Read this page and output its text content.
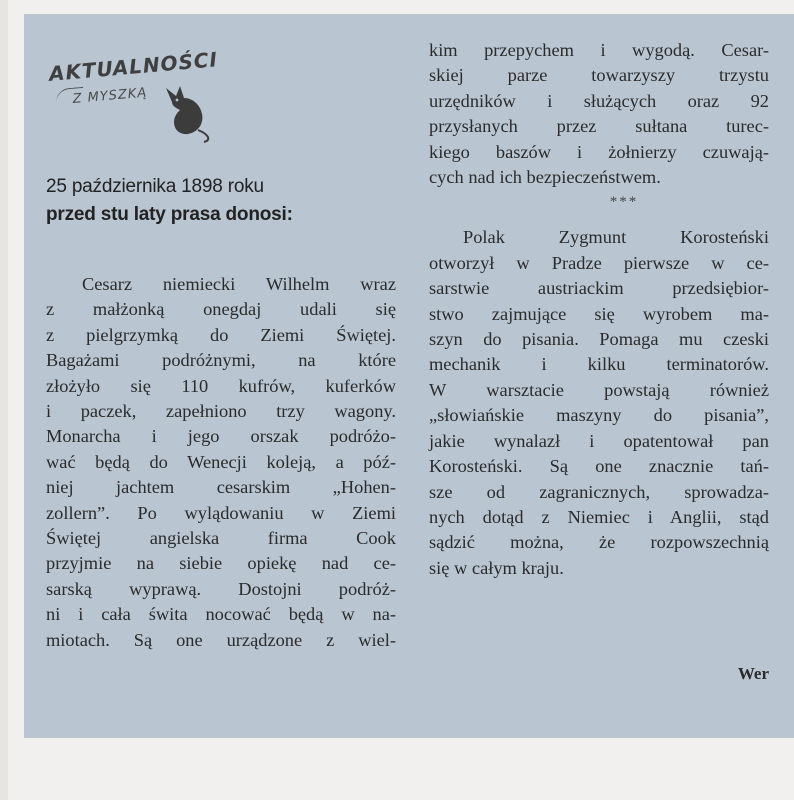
AKTUALNOŚCI
Z MYSZKĄ
25 października 1898 roku
przed stu laty prasa donosi:
Cesarz niemiecki Wilhelm wraz
z małżonką onegdaj udali się
z pielgrzymką do Ziemi Świętej.
Bagażami podróżnymi, na które
złożyło się 110 kufrów, kuferków
i paczek, zapełniono trzy wagony.
Monarcha i jego orszak podróżo-
wać będą do Wenecji koleją, a póź-
niej jachtem cesarskim „Hohen-
zollern”. Po wylądowaniu w Ziemi
Świętej angielska firma Cook
przyjmie na siebie opiekę nad ce-
sarską wyprawą. Dostojni podróż-
ni i cała świta nocować będą w na-
miotach. Są one urządzone z wiel-
kim przepychem i wygodą. Cesar-
skiej parze towarzyszy trzystu
urzędników i służących oraz 92
przysłanych przez sułtana turec-
kiego baszów i żołnierzy czuwają-
cych nad ich bezpieczeństwem.
***
Polak Zygmunt Korosteński
otworzył w Pradze pierwsze w ce-
sarstwie austriackim przedsiębior-
stwo zajmujące się wyrobem ma-
szyn do pisania. Pomaga mu czeski
mechanik i kilku terminatorów.
W warsztacie powstają również
„słowiańskie maszyny do pisania”,
jakie wynalazł i opatentował pan
Korosteński. Są one znacznie tań-
sze od zagranicznych, sprowadza-
nych dotąd z Niemiec i Anglii, stąd
sądzić można, że rozpowszechnią
się w całym kraju.
Wer
